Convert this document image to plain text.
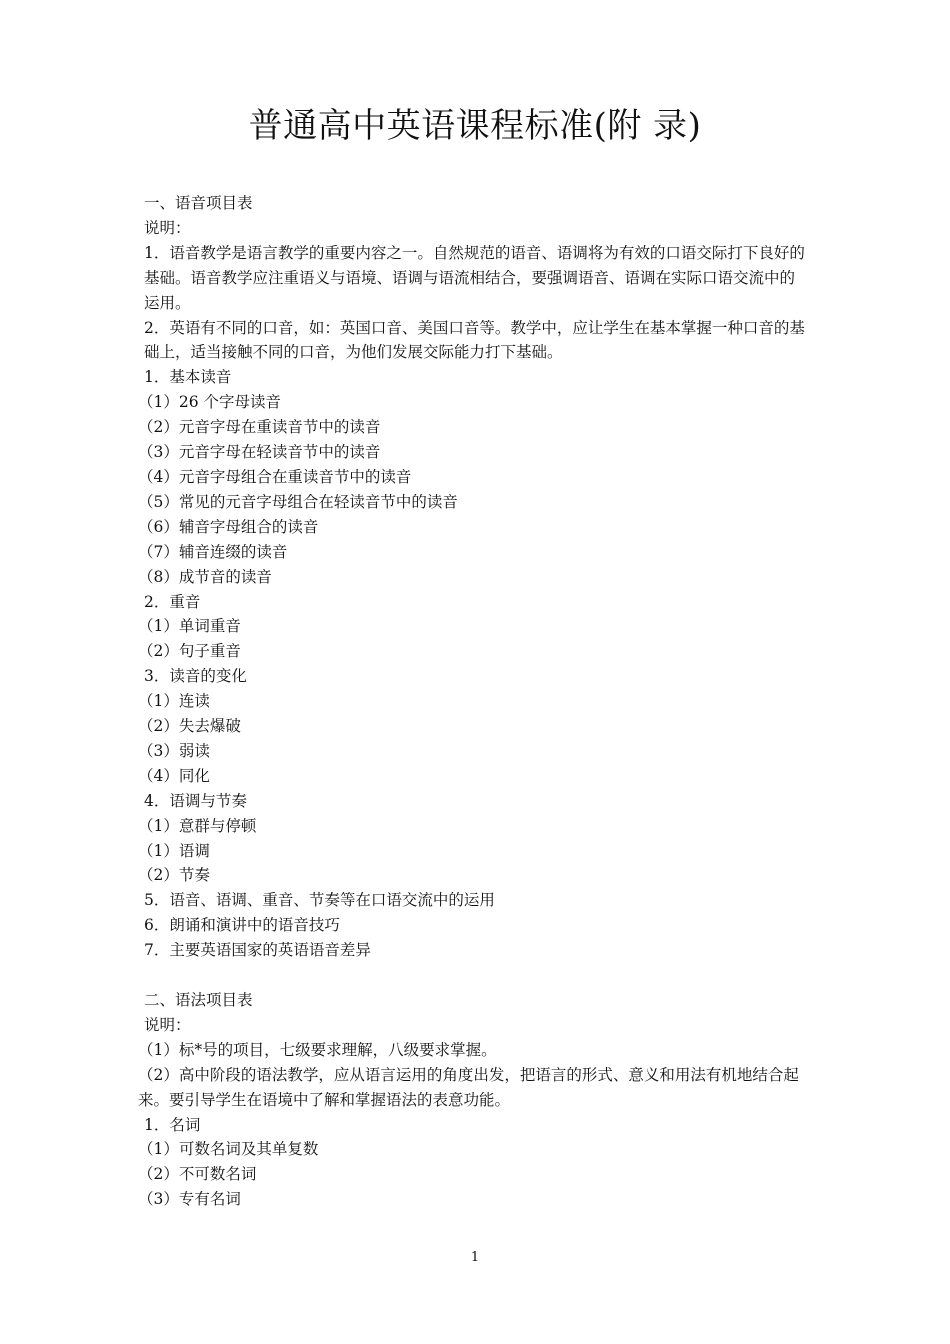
普通高中英语课程标准(附 录)

一、语音项目表

说明：

1．语音教学是语言教学的重要内容之一。自然规范的语音、语调将为有效的口语交际打下良好的基础。语音教学应注重语义与语境、语调与语流相结合，要强调语音、语调在实际口语交流中的运用。

2．英语有不同的口音，如：英国口音、美国口音等。教学中，应让学生在基本掌握一种口音的基础上，适当接触不同的口音，为他们发展交际能力打下基础。

1．基本读音

（1）26 个字母读音

（2）元音字母在重读音节中的读音

（3）元音字母在轻读音节中的读音

（4）元音字母组合在重读音节中的读音

（5）常见的元音字母组合在轻读音节中的读音

（6）辅音字母组合的读音

（7）辅音连缀的读音

（8）成节音的读音

2．重音

（1）单词重音

（2）句子重音

3．读音的变化

（1）连读

（2）失去爆破

（3）弱读

（4）同化

4．语调与节奏

（1）意群与停顿

（1）语调

（2）节奏

5．语音、语调、重音、节奏等在口语交流中的运用

6．朗诵和演讲中的语音技巧

7．主要英语国家的英语语音差异

二、语法项目表

说明：

（1）标*号的项目，七级要求理解，八级要求掌握。

（2）高中阶段的语法教学，应从语言运用的角度出发，把语言的形式、意义和用法有机地结合起来。要引导学生在语境中了解和掌握语法的表意功能。

1．名词

（1）可数名词及其单复数

（2）不可数名词

（3）专有名词

1
